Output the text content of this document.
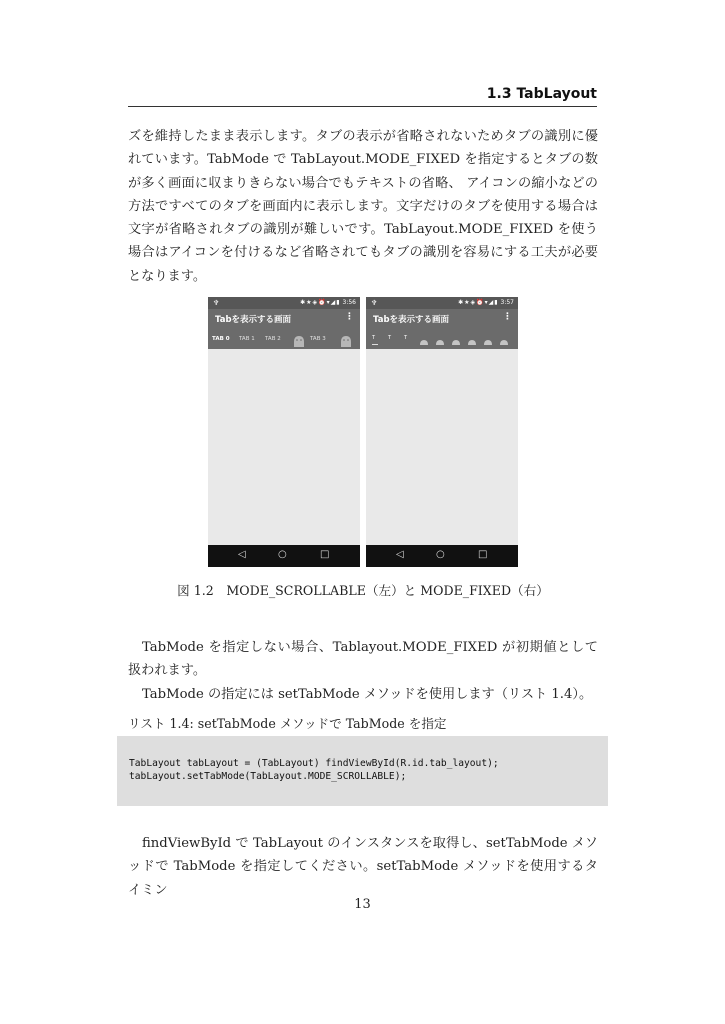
1.3 TabLayout
ズを維持したまま表示します。タブの表示が省略されないためタブの識別に優れています。TabMode で TabLayout.MODE_FIXED を指定するとタブの数が多く画面に収まりきらない場合でもテキストの省略、 アイコンの縮小などの方法ですべてのタブを画面内に表示します。文字だけのタブを使用する場合は文字が省略されタブの識別が難しいです。TabLayout.MODE_FIXED を使う場合はアイコンを付けるなど省略されてもタブの識別を容易にする工夫が必要となります。
♆	✱★◈⏰▾◢▮ 3:56
Tabを表示する画面	⋮
TAB 0 TAB 1 TAB 2	TAB 3
◁	○	□
♆	✱★◈⏰▾◢▮ 3:57
Tabを表示する画面	⋮
T	T	T
◁	○	□
図 1.2　MODE_SCROLLABLE（左）と MODE_FIXED（右）
TabMode を指定しない場合、Tablayout.MODE_FIXED が初期値として扱われます。
TabMode の指定には setTabMode メソッドを使用します（リスト 1.4）。
リスト 1.4: setTabMode メソッドで TabMode を指定
TabLayout tabLayout = (TabLayout) findViewById(R.id.tab_layout);
tabLayout.setTabMode(TabLayout.MODE_SCROLLABLE);
findViewById で TabLayout のインスタンスを取得し、setTabMode メソッドで TabMode を指定してください。setTabMode メソッドを使用するタイミン
13
